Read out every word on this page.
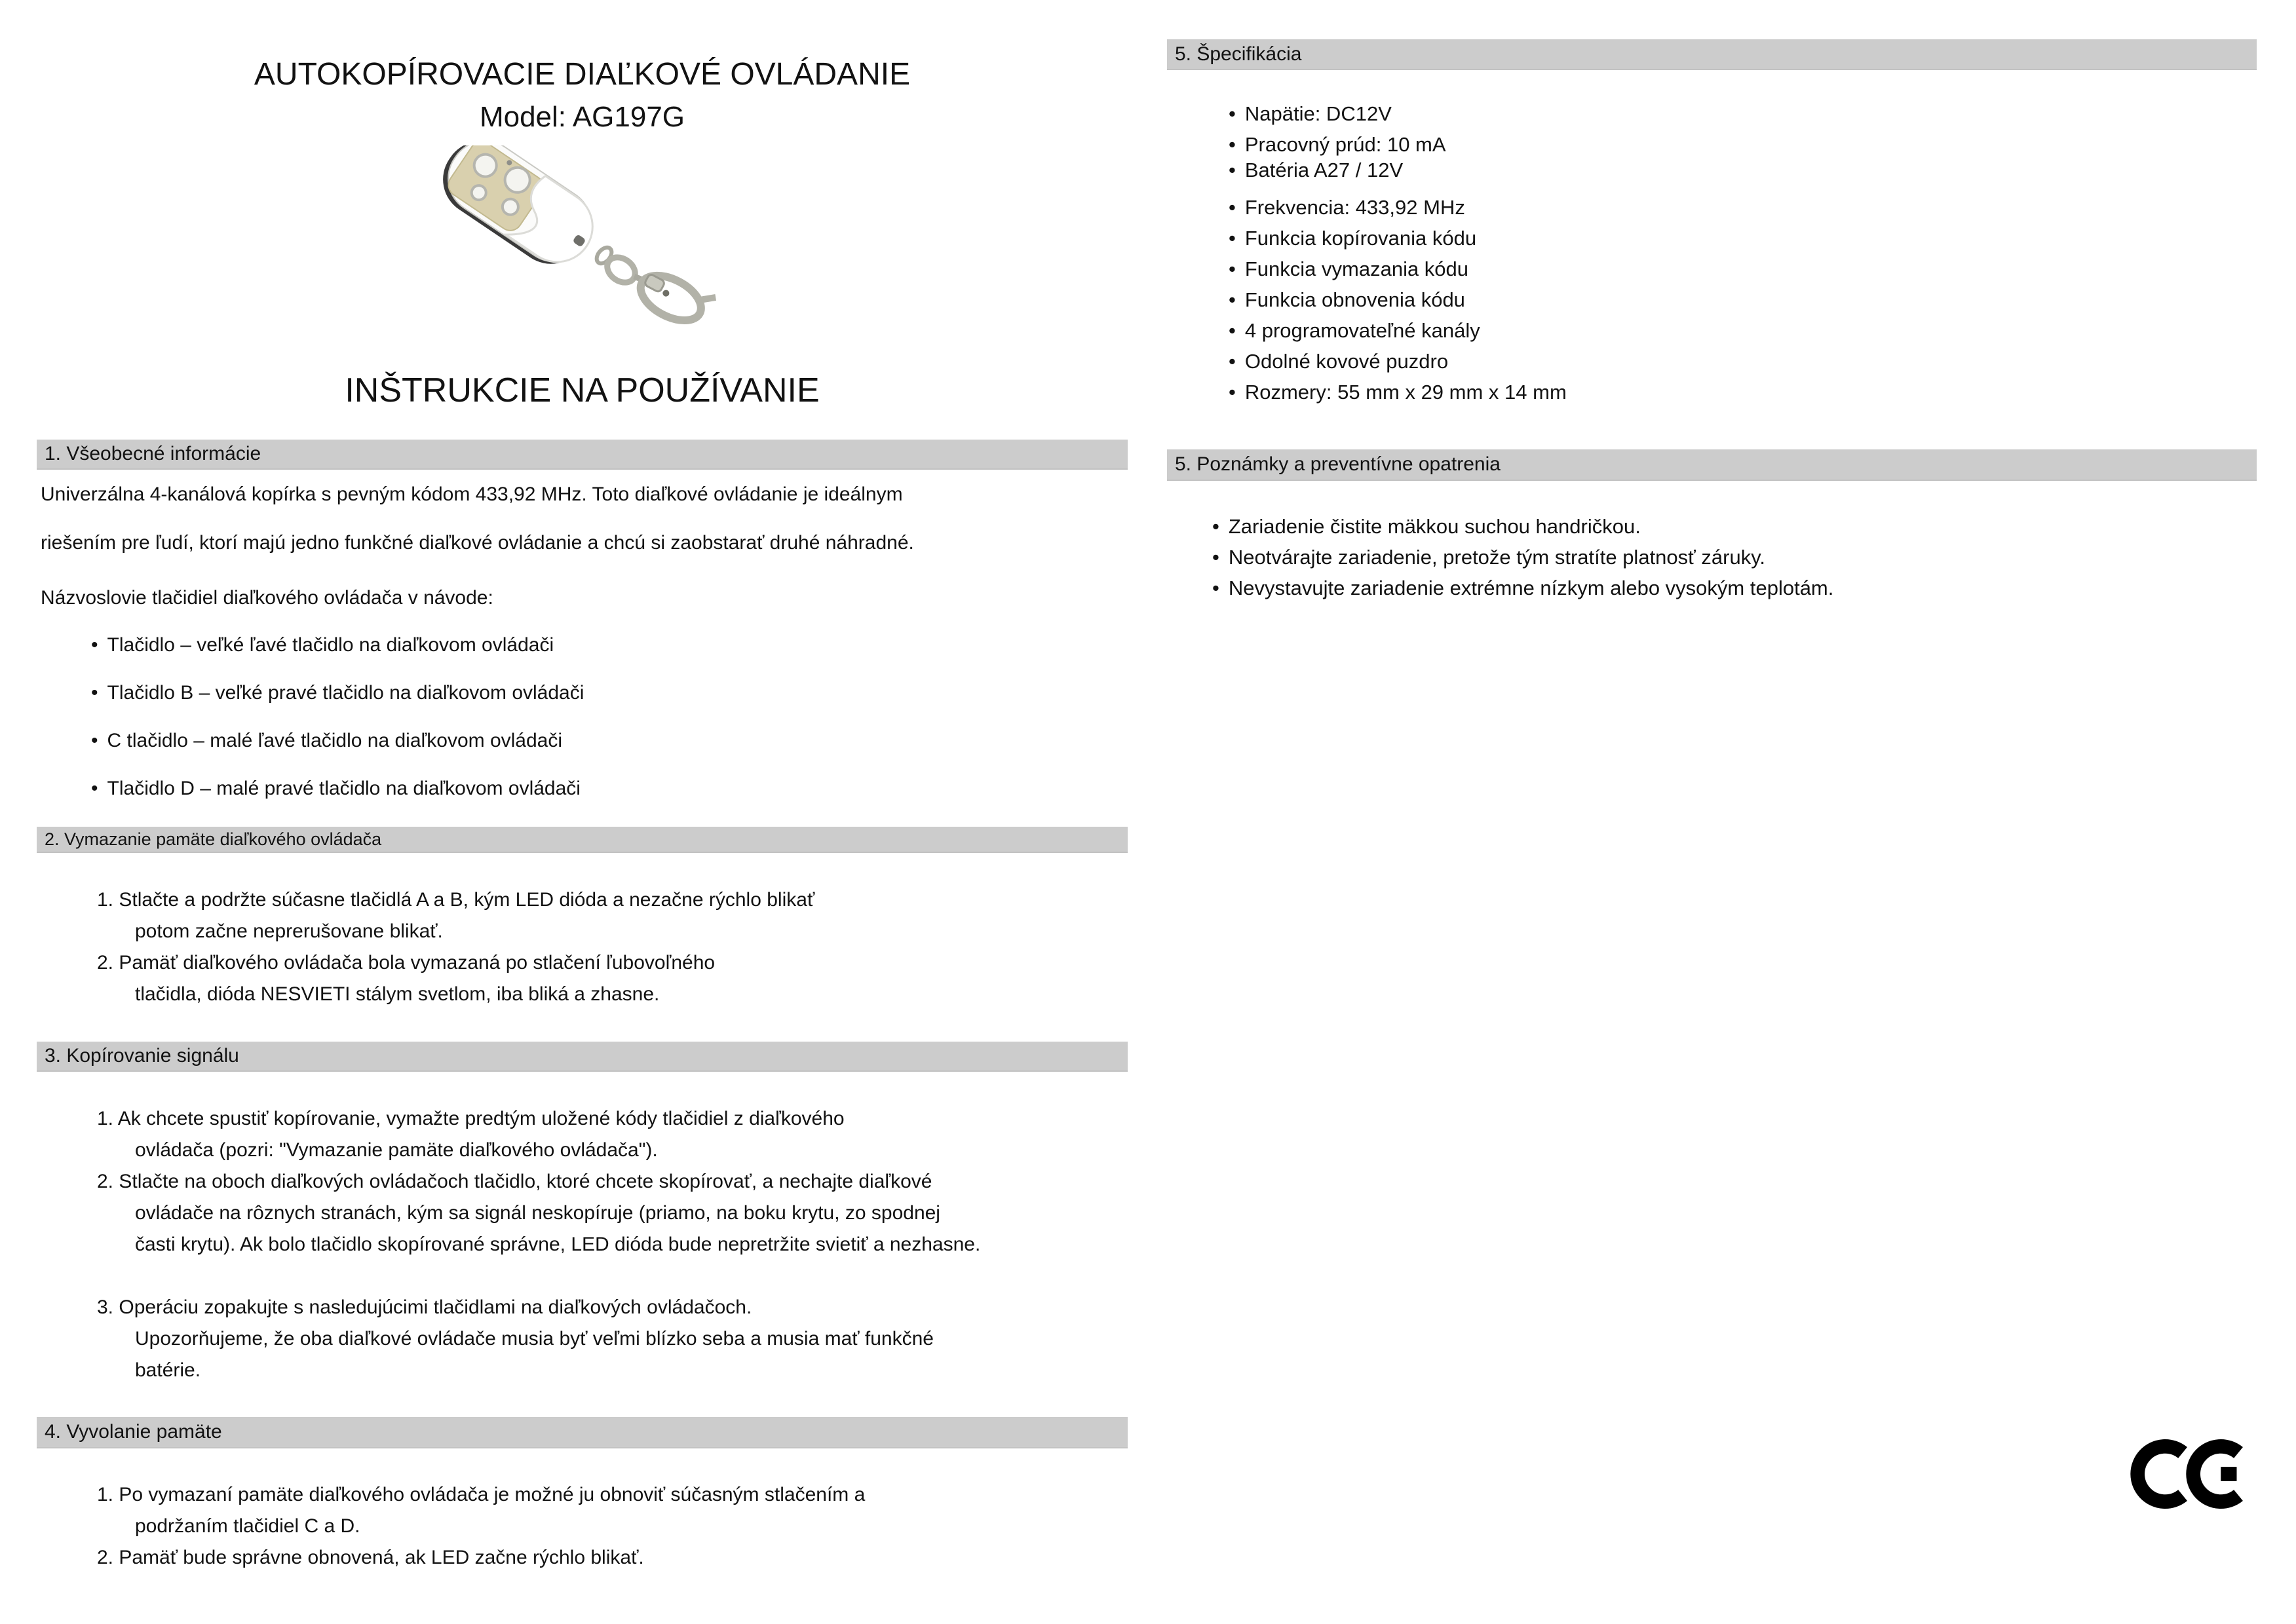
AUTOKOPÍROVACIE DIAĽKOVÉ OVLÁDANIE
Model: AG197G
INŠTRUKCIE NA POUŽÍVANIE
1. Všeobecné informácie
Univerzálna 4-kanálová kopírka s pevným kódom 433,92 MHz. Toto diaľkové ovládanie je ideálnym
riešením pre ľudí, ktorí majú jedno funkčné diaľkové ovládanie a chcú si zaobstarať druhé náhradné.
Názvoslovie tlačidiel diaľkového ovládača v návode:
• Tlačidlo – veľké ľavé tlačidlo na diaľkovom ovládači
• Tlačidlo B – veľké pravé tlačidlo na diaľkovom ovládači
• C tlačidlo – malé ľavé tlačidlo na diaľkovom ovládači
• Tlačidlo D – malé pravé tlačidlo na diaľkovom ovládači
2. Vymazanie pamäte diaľkového ovládača
1. Stlačte a podržte súčasne tlačidlá A a B, kým LED dióda a nezačne rýchlo blikať
potom začne neprerušovane blikať.
2. Pamäť diaľkového ovládača bola vymazaná po stlačení ľubovoľného
tlačidla, dióda NESVIETI stálym svetlom, iba bliká a zhasne.
3. Kopírovanie signálu
1. Ak chcete spustiť kopírovanie, vymažte predtým uložené kódy tlačidiel z diaľkového
ovládača (pozri: "Vymazanie pamäte diaľkového ovládača").
2. Stlačte na oboch diaľkových ovládačoch tlačidlo, ktoré chcete skopírovať, a nechajte diaľkové
ovládače na rôznych stranách, kým sa signál neskopíruje (priamo, na boku krytu, zo spodnej
časti krytu). Ak bolo tlačidlo skopírované správne, LED dióda bude nepretržite svietiť a nezhasne.
3. Operáciu zopakujte s nasledujúcimi tlačidlami na diaľkových ovládačoch.
Upozorňujeme, že oba diaľkové ovládače musia byť veľmi blízko seba a musia mať funkčné
batérie.
4. Vyvolanie pamäte
1. Po vymazaní pamäte diaľkového ovládača je možné ju obnoviť súčasným stlačením a
podržaním tlačidiel C a D.
2. Pamäť bude správne obnovená, ak LED začne rýchlo blikať.
5. Špecifikácia
• Napätie: DC12V
• Pracovný prúd: 10 mA
• Batéria A27 / 12V
• Frekvencia: 433,92 MHz
• Funkcia kopírovania kódu
• Funkcia vymazania kódu
• Funkcia obnovenia kódu
• 4 programovateľné kanály
• Odolné kovové puzdro
• Rozmery: 55 mm x 29 mm x 14 mm
5. Poznámky a preventívne opatrenia
• Zariadenie čistite mäkkou suchou handričkou.
• Neotvárajte zariadenie, pretože tým stratíte platnosť záruky.
• Nevystavujte zariadenie extrémne nízkym alebo vysokým teplotám.
